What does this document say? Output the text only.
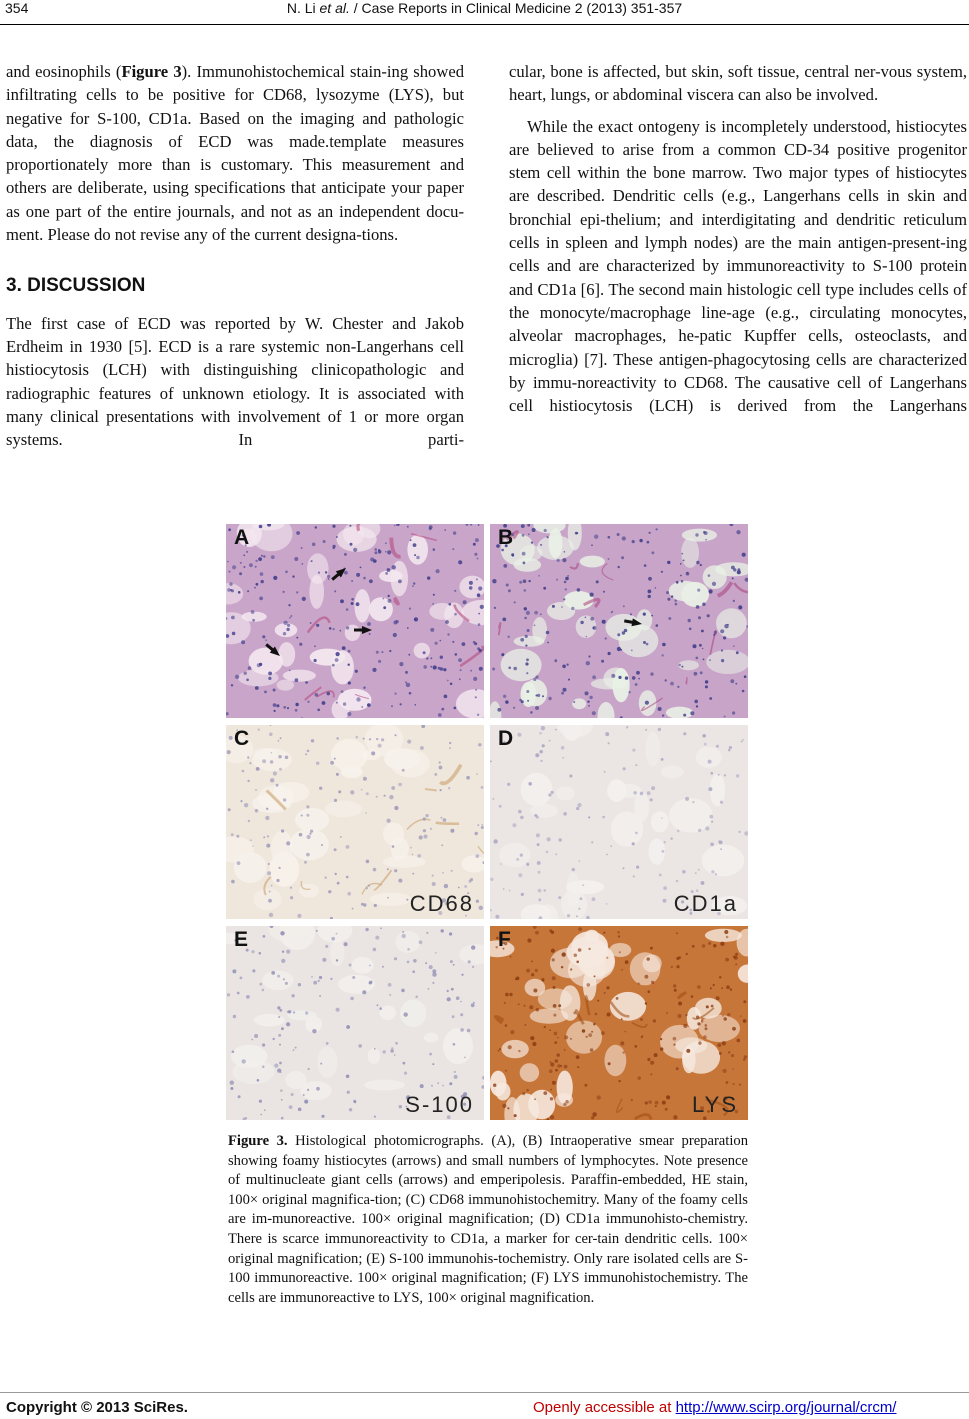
354	N. Li et al. / Case Reports in Clinical Medicine 2 (2013) 351-357

and eosinophils (Figure 3). Immunohistochemical stain-ing showed infiltrating cells to be positive for CD68, lysozyme (LYS), but negative for S-100, CD1a. Based on the imaging and pathologic data, the diagnosis of ECD was made.template measures proportionately more than is customary. This measurement and others are deliberate, using specifications that anticipate your paper as one part of the entire journals, and not as an independent docu-ment. Please do not revise any of the current designa-tions.

3. DISCUSSION

The first case of ECD was reported by W. Chester and Jakob Erdheim in 1930 [5]. ECD is a rare systemic non-Langerhans cell histiocytosis (LCH) with distinguishing clinicopathologic and radiographic features of unknown etiology. It is associated with many clinical presentations with involvement of 1 or more organ systems. In parti-

cular, bone is affected, but skin, soft tissue, central ner-vous system, heart, lungs, or abdominal viscera can also be involved.

While the exact ontogeny is incompletely understood, histiocytes are believed to arise from a common CD-34 positive progenitor stem cell within the bone marrow. Two major types of histiocytes are described. Dendritic cells (e.g., Langerhans cells in skin and bronchial epi-thelium; and interdigitating and dendritic reticulum cells in spleen and lymph nodes) are the main antigen-present-ing cells and are characterized by immunoreactivity to S-100 protein and CD1a [6]. The second main histologic cell type includes cells of the monocyte/macrophage line-age (e.g., circulating monocytes, alveolar macrophages, he-patic Kupffer cells, osteoclasts, and microglia) [7]. These antigen-phagocytosing cells are characterized by immu-noreactivity to CD68. The causative cell of Langerhans cell histiocytosis (LCH) is derived from the Langerhans

A	B
C
CD68
D
CD1a
E
S-100
F
LYS
Figure 3. Histological photomicrographs. (A), (B) Intraoperative smear preparation showing foamy histiocytes (arrows) and small numbers of lymphocytes. Note presence of multinucleate giant cells (arrows) and emperipolesis. Paraffin-embedded, HE stain, 100× original magnifica-tion; (C) CD68 immunohistochemitry. Many of the foamy cells are im-munoreactive. 100× original magnification; (D) CD1a immunohisto-chemistry. There is scarce immunoreactivity to CD1a, a marker for cer-tain dendritic cells. 100× original magnification; (E) S-100 immunohis-tochemistry. Only rare isolated cells are S-100 immunoreactive. 100× original magnification; (F) LYS immunohistochemistry. The cells are immunoreactive to LYS, 100× original magnification.
Copyright © 2013 SciRes.	Openly accessible at http://www.scirp.org/journal/crcm/
